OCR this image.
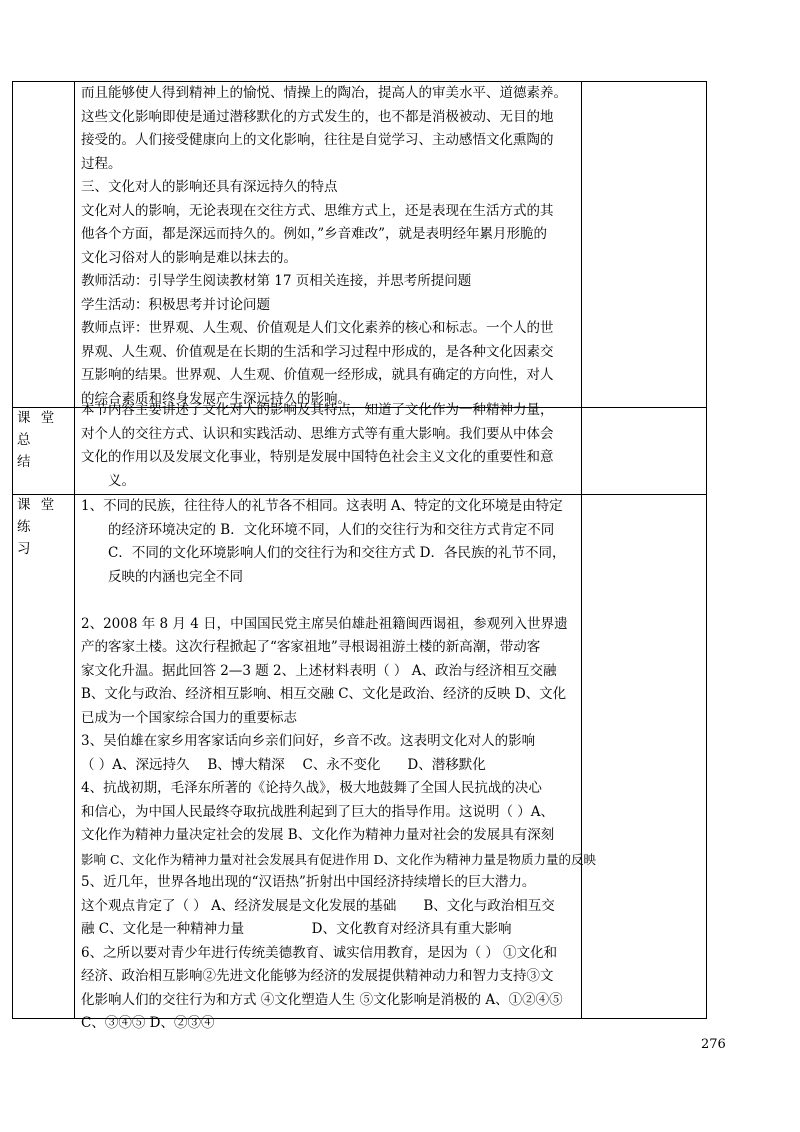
而且能够使人得到精神上的愉悦、情操上的陶冶，提高人的审美水平、道德素养。

这些文化影响即使是通过潜移默化的方式发生的，也不都是消极被动、无目的地

接受的。人们接受健康向上的文化影响，往往是自觉学习、主动感悟文化熏陶的

过程。

三、文化对人的影响还具有深远持久的特点

文化对人的影响，无论表现在交往方式、思维方式上，还是表现在生活方式的其

他各个方面，都是深远而持久的。例如，”乡音难改”，就是表明经年累月形脆的

文化习俗对人的影响是难以抹去的。

教师活动：引导学生阅读教材第 17 页相关连接，并思考所提问题

学生活动：积极思考并讨论问题

教师点评：世界观、人生观、价值观是人们文化素养的核心和标志。一个人的世

界观、人生观、价值观是在长期的生活和学习过程中形成的，是各种文化因素交

互影响的结果。世界观、人生观、价值观一经形成，就具有确定的方向性，对人

的综合素质和终身发展产生深远持久的影响。

课 堂 总
结

本节内容主要讲述了文化对人的影响及其特点，知道了文化作为一种精神力量，

对个人的交往方式、认识和实践活动、思维方式等有重大影响。我们要从中体会

文化的作用以及发展文化事业，特别是发展中国特色社会主义文化的重要性和意

义。

课 堂 练
习

1、不同的民族，往往待人的礼节各不相同。这表明 A、特定的文化环境是由特定

的经济环境决定的 B．文化环境不同，人们的交往行为和交往方式肯定不同

C．不同的文化环境影响人们的交往行为和交往方式 D．各民族的礼节不同，

反映的内涵也完全不同

2、2008 年 8 月 4 日，中国国民党主席吴伯雄赴祖籍闽西谒祖，参观列入世界遗

产的客家土楼。这次行程掀起了“客家祖地”寻根谒祖游土楼的新高潮，带动客

家文化升温。据此回答 2—3 题 2、上述材料表明（ ） A、政治与经济相互交融

B、文化与政治、经济相互影响、相互交融 C、文化是政治、经济的反映 D、文化

已成为一个国家综合国力的重要标志

3、吴伯雄在家乡用客家话向乡亲们问好，乡音不改。这表明文化对人的影响

（ ）A、深远持久　 B、博大精深　 C、永不变化　　D、潜移默化

4、抗战初期，毛泽东所著的《论持久战》，极大地鼓舞了全国人民抗战的决心

和信心，为中国人民最终夺取抗战胜利起到了巨大的指导作用。这说明（ ）A、

文化作为精神力量决定社会的发展 B、文化作为精神力量对社会的发展具有深刻

影响 C、文化作为精神力量对社会发展具有促进作用 D、文化作为精神力量是物质力量的反映

5、近几年，世界各地出现的“汉语热”折射出中国经济持续增长的巨大潜力。

这个观点肯定了（ ） A、经济发展是文化发展的基础　　B、文化与政治相互交

融 C、文化是一种精神力量　　　　　D、文化教育对经济具有重大影响

6、之所以要对青少年进行传统美德教育、诚实信用教育，是因为（ ） ①文化和

经济、政治相互影响②先进文化能够为经济的发展提供精神动力和智力支持③文

化影响人们的交往行为和方式 ④文化塑造人生 ⑤文化影响是消极的 A、①②④⑤

C、③④⑤ D、②③④

276
